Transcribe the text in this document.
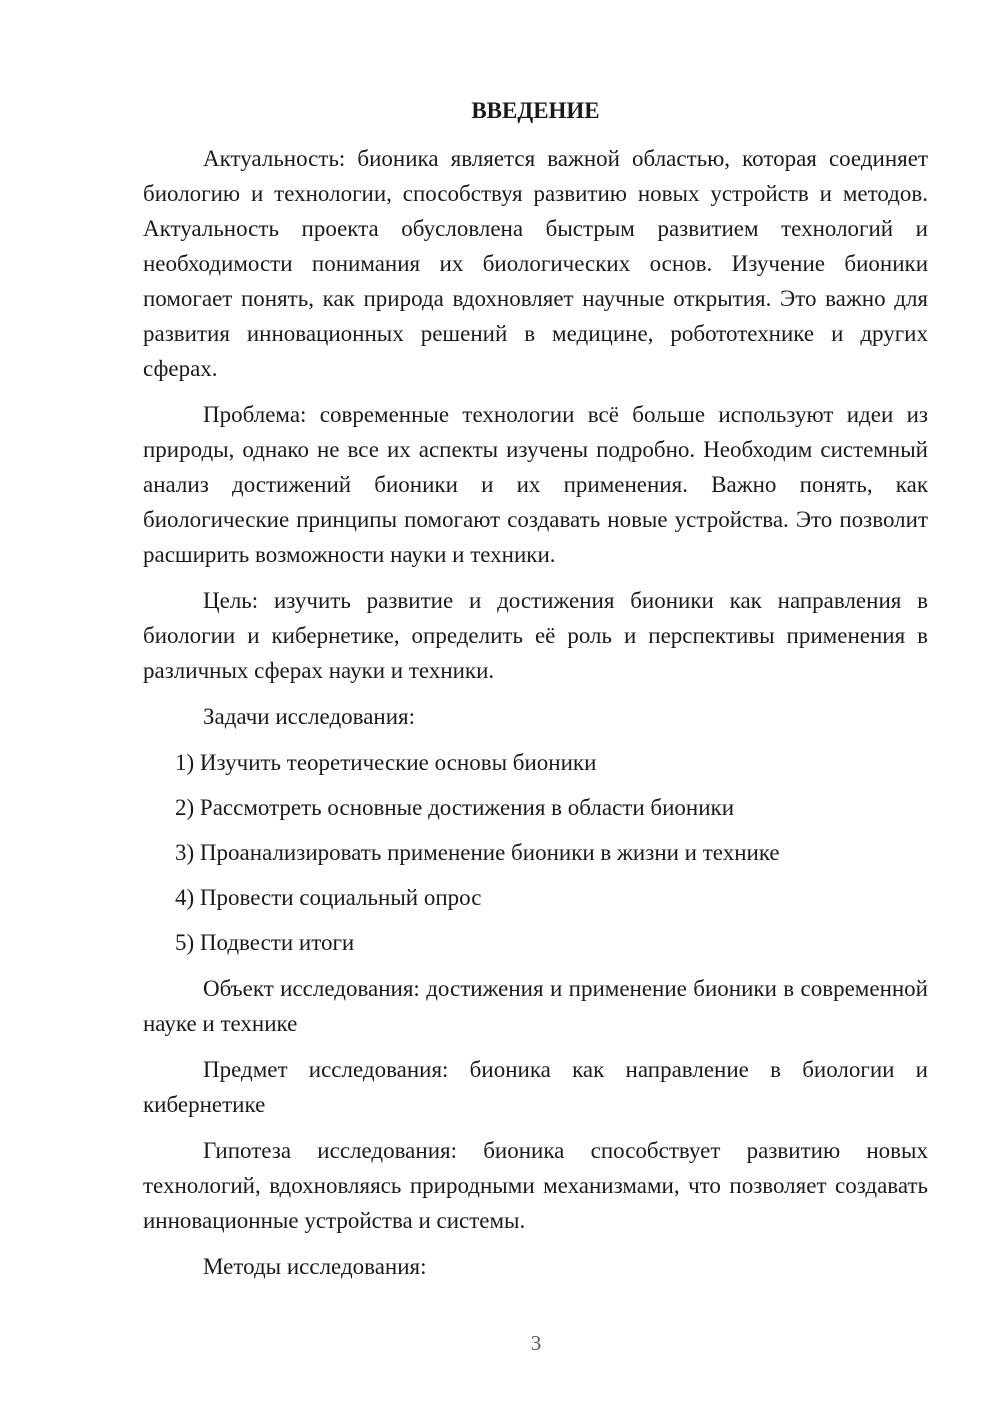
ВВЕДЕНИЕ

Актуальность: бионика является важной областью, которая соединяет биологию и технологии, способствуя развитию новых устройств и методов. Актуальность проекта обусловлена быстрым развитием технологий и необходимости понимания их биологических основ. Изучение бионики помогает понять, как природа вдохновляет научные открытия. Это важно для развития инновационных решений в медицине, робототехнике и других сферах.

Проблема: современные технологии всё больше используют идеи из природы, однако не все их аспекты изучены подробно. Необходим системный анализ достижений бионики и их применения. Важно понять, как биологические принципы помогают создавать новые устройства. Это позволит расширить возможности науки и техники.

Цель: изучить развитие и достижения бионики как направления в биологии и кибернетике, определить её роль и перспективы применения в различных сферах науки и техники.

Задачи исследования:

1) Изучить теоретические основы бионики
2) Рассмотреть основные достижения в области бионики
3) Проанализировать применение бионики в жизни и технике
4) Провести социальный опрос
5) Подвести итоги

Объект исследования: достижения и применение бионики в современной науке и технике

Предмет исследования: бионика как направление в биологии и кибернетике

Гипотеза исследования: бионика способствует развитию новых технологий, вдохновляясь природными механизмами, что позволяет создавать инновационные устройства и системы.

Методы исследования:

3
